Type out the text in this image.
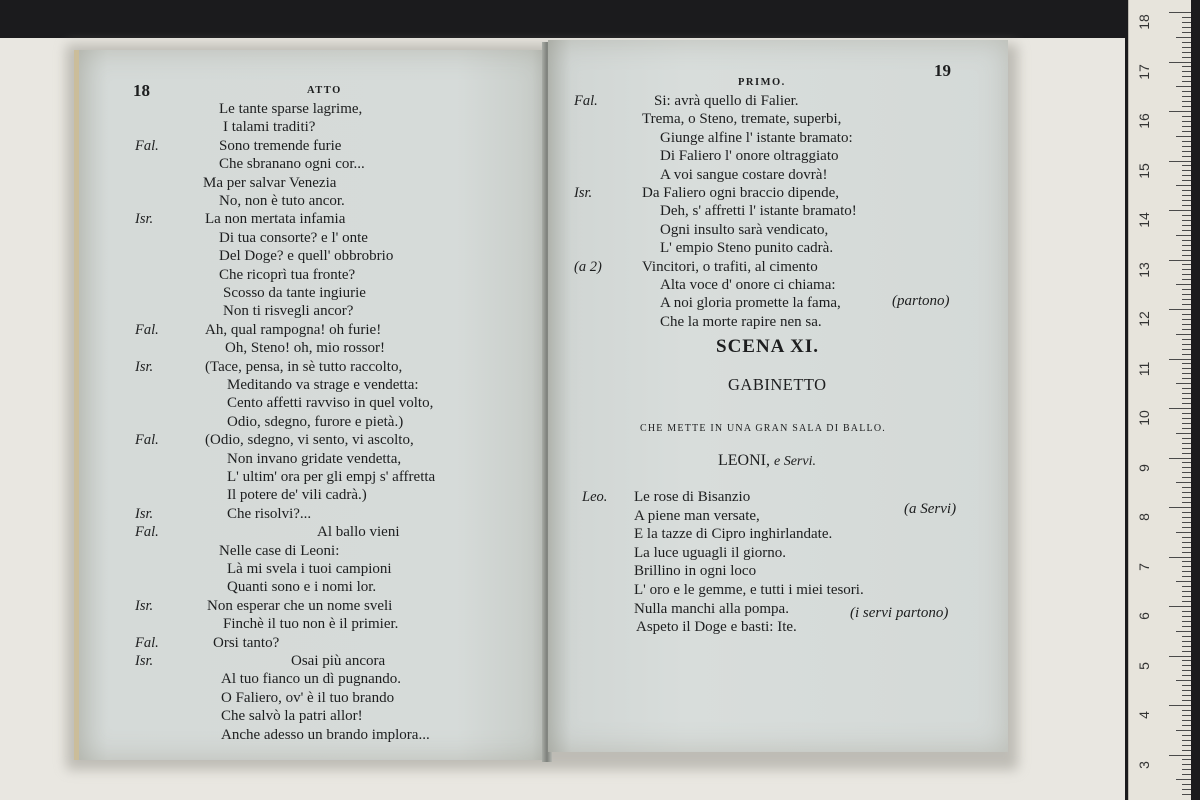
18	ATTO
Le tante sparse lagrime,
I talami traditi?
Fal.	Sono tremende furie
Che sbranano ogni cor...
Ma per salvar Venezia
No, non è tuto ancor.
Isr.	La non mertata infamia
Di tua consorte? e l' onte
Del Doge? e quell' obbrobrio
Che ricoprì tua fronte?
Scosso da tante ingiurie
Non ti risvegli ancor?
Fal.	Ah, qual rampogna! oh furie!
Oh, Steno! oh, mio rossor!
Isr.	(Tace, pensa, in sè tutto raccolto,
Meditando va strage e vendetta:
Cento affetti ravviso in quel volto,
Odio, sdegno, furore e pietà.)
Fal.	(Odio, sdegno, vi sento, vi ascolto,
Non invano gridate vendetta,
L' ultim' ora per gli empj s' affretta
Il potere de' vili cadrà.)
Isr.	Che risolvi?...
Fal.	Al ballo vieni
Nelle case di Leoni:
Là mi svela i tuoi campioni
Quanti sono e i nomi lor.
Isr.	Non esperar che un nome sveli
Finchè il tuo non è il primier.
Fal.	Orsi tanto?
Isr.	Osai più ancora
Al tuo fianco un dì pugnando.
O Faliero, ov' è il tuo brando
Che salvò la patri allor!
Anche adesso un brando implora...
PRIMO.
19
Fal.	Si: avrà quello di Falier.
Trema, o Steno, tremate, superbi,
Giunge alfine l' istante bramato:
Di Faliero l' onore oltraggiato
A voi sangue costare dovrà!
Isr.	Da Faliero ogni braccio dipende,
Deh, s' affretti l' istante bramato!
Ogni insulto sarà vendicato,
L' empio Steno punito cadrà.
(a 2)	Vincitori, o trafiti, al cimento
Alta voce d' onore ci chiama:
A noi gloria promette la fama,
Che la morte rapire nen sa.
(partono)
SCENA XI.
GABINETTO
CHE METTE IN UNA GRAN SALA DI BALLO.
LEONI, e Servi.
Leo. Le rose di Bisanzio
A piene man versate,
E la tazze di Cipro inghirlandate.
La luce uguagli il giorno.
Brillino in ogni loco
L' oro e le gemme, e tutti i miei tesori.
Nulla manchi alla pompa.
Aspeto il Doge e basti: Ite.
(a Servi)
(i servi partono)
18
17
16
15
14
13
12
11
10
9
8
7
6
5
4
3
